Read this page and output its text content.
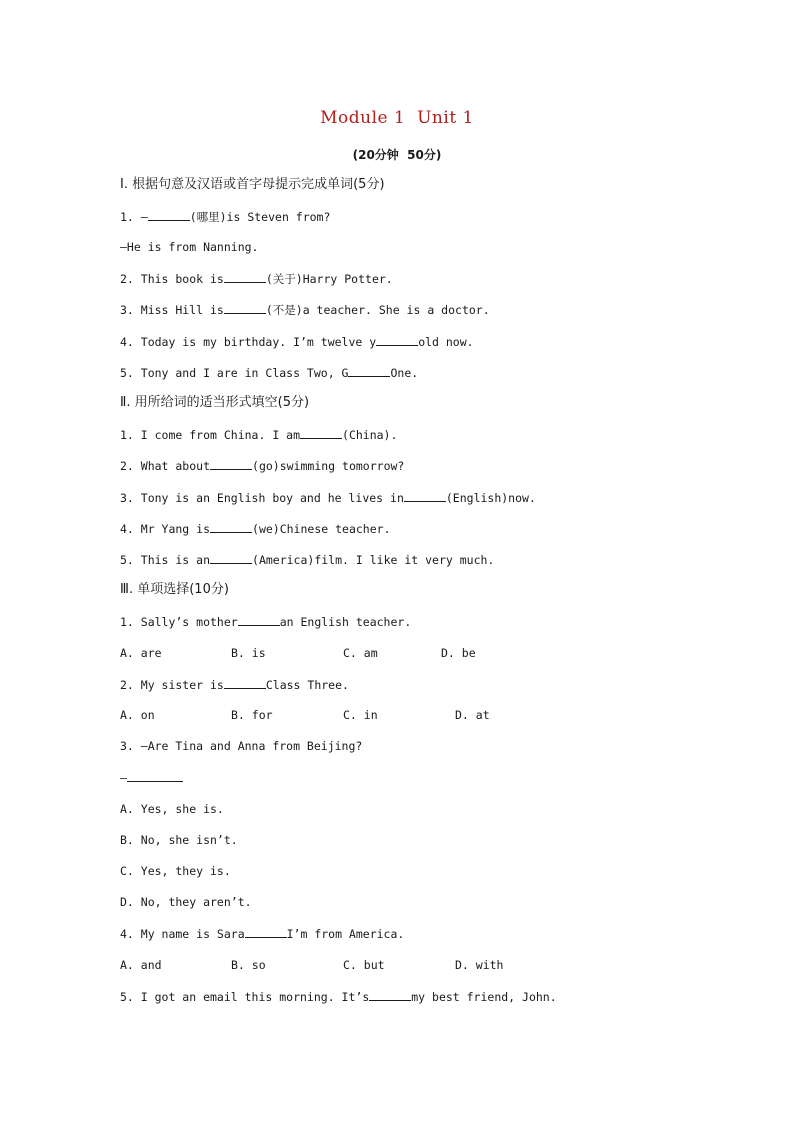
Module 1  Unit 1
(20分钟  50分)
Ⅰ. 根据句意及汉语或首字母提示完成单词(5分)
1. —	(哪里)is Steven from?
—He is from Nanning.
2. This book is	(关于)Harry Potter.
3. Miss Hill is	(不是)a teacher. She is a doctor.
4. Today is my birthday. I’m twelve y	old now.
5. Tony and I are in Class Two, G	One.
Ⅱ. 用所给词的适当形式填空(5分)
1. I come from China. I am	(China).
2. What about	(go)swimming tomorrow?
3. Tony is an English boy and he lives in	(English)now.
4. Mr Yang is	(we)Chinese teacher.
5. This is an	(America)film. I like it very much.
Ⅲ. 单项选择(10分)
1. Sally’s mother	an English teacher.
A. are	B. is	C. am	D. be
2. My sister is	Class Three.
A. on	B. for	C. in	D. at
3. —Are Tina and Anna from Beijing?
—
A. Yes, she is.
B. No, she isn’t.
C. Yes, they is.
D. No, they aren’t.
4. My name is Sara	I’m from America.
A. and	B. so	C. but	D. with
5. I got an email this morning. It’s	my best friend, John.
